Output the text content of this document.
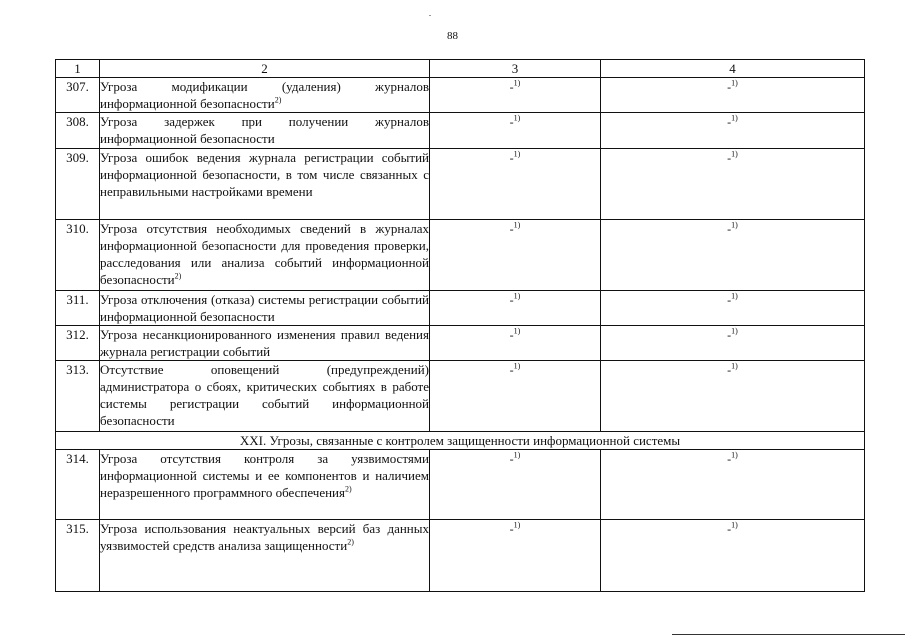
88
1	2	3	4
307.	Угроза модификации (удаления) журналов информационной безопасности$^{2)}$	-$^{1)}$	-$^{1)}$
308.	Угроза задержек при получении журналов информационной безопасности	-$^{1)}$	-$^{1)}$
309.	Угроза ошибок ведения журнала регистрации событий информационной безопасности, в том числе связанных с неправильными настройками времени	-$^{1)}$	-$^{1)}$
310.	Угроза отсутствия необходимых сведений в журналах информационной безопасности для проведения проверки, расследования или анализа событий информационной безопасности$^{2)}$	-$^{1)}$	-$^{1)}$
311.	Угроза отключения (отказа) системы регистрации событий информационной безопасности	-$^{1)}$	-$^{1)}$
312.	Угроза несанкционированного изменения правил ведения журнала регистрации событий	-$^{1)}$	-$^{1)}$
313.	Отсутствие оповещений (предупреждений) администратора о сбоях, критических событиях в работе системы регистрации событий информационной безопасности	-$^{1)}$	-$^{1)}$
XXI. Угрозы, связанные с контролем защищенности информационной системы			
314.	Угроза отсутствия контроля за уязвимостями информационной системы и ее компонентов и наличием неразрешенного программного обеспечения$^{2)}$	-$^{1)}$	-$^{1)}$
315.	Угроза использования неактуальных версий баз данных уязвимостей средств анализа защищенности$^{2)}$	-$^{1)}$	-$^{1)}$
